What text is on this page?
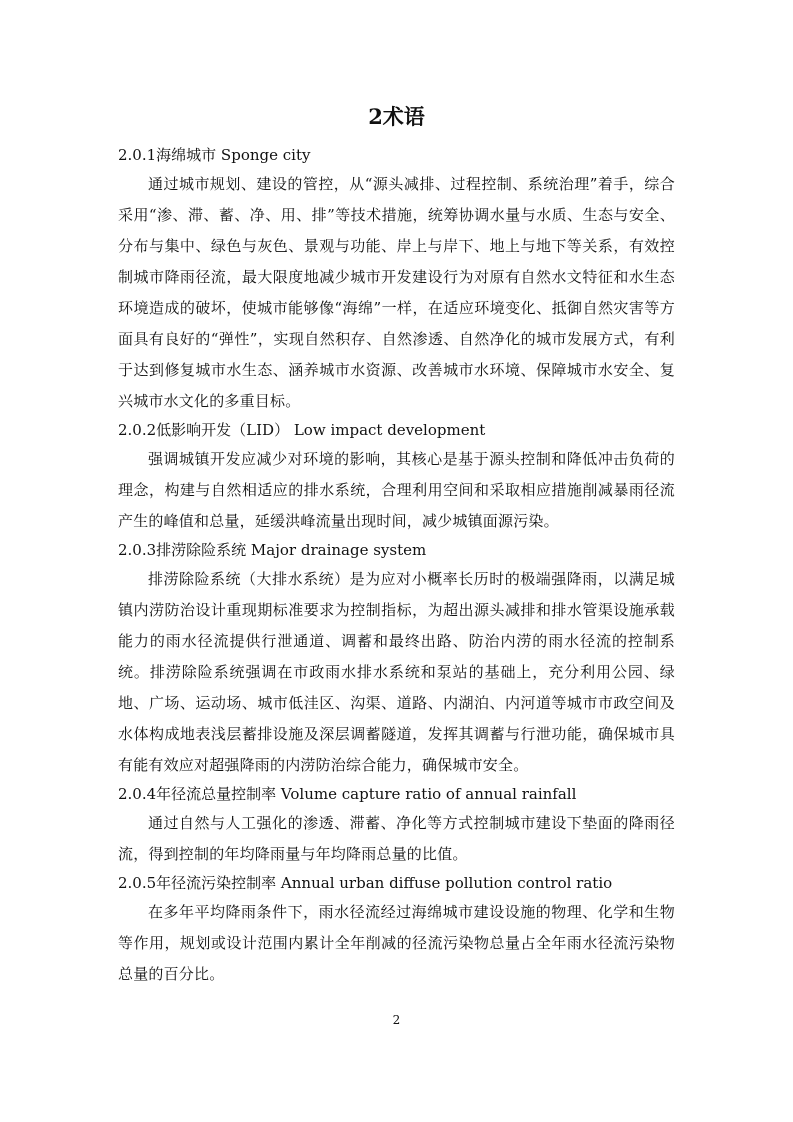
2术语

2.0.1海绵城市 Sponge city

通过城市规划、建设的管控，从“源头减排、过程控制、系统治理”着手，综合采用“渗、滞、蓄、净、用、排”等技术措施，统筹协调水量与水质、生态与安全、分布与集中、绿色与灰色、景观与功能、岸上与岸下、地上与地下等关系，有效控制城市降雨径流，最大限度地减少城市开发建设行为对原有自然水文特征和水生态环境造成的破坏，使城市能够像“海绵”一样，在适应环境变化、抵御自然灾害等方面具有良好的“弹性”，实现自然积存、自然渗透、自然净化的城市发展方式，有利于达到修复城市水生态、涵养城市水资源、改善城市水环境、保障城市水安全、复兴城市水文化的多重目标。

2.0.2低影响开发（LID） Low impact development

强调城镇开发应减少对环境的影响，其核心是基于源头控制和降低冲击负荷的理念，构建与自然相适应的排水系统，合理利用空间和采取相应措施削减暴雨径流产生的峰值和总量，延缓洪峰流量出现时间，减少城镇面源污染。

2.0.3排涝除险系统 Major drainage system

排涝除险系统（大排水系统）是为应对小概率长历时的极端强降雨，以满足城镇内涝防治设计重现期标准要求为控制指标，为超出源头减排和排水管渠设施承载能力的雨水径流提供行泄通道、调蓄和最终出路、防治内涝的雨水径流的控制系统。排涝除险系统强调在市政雨水排水系统和泵站的基础上，充分利用公园、绿地、广场、运动场、城市低洼区、沟渠、道路、内湖泊、内河道等城市市政空间及水体构成地表浅层蓄排设施及深层调蓄隧道，发挥其调蓄与行泄功能，确保城市具有能有效应对超强降雨的内涝防治综合能力，确保城市安全。

2.0.4年径流总量控制率 Volume capture ratio of annual rainfall

通过自然与人工强化的渗透、滞蓄、净化等方式控制城市建设下垫面的降雨径流，得到控制的年均降雨量与年均降雨总量的比值。

2.0.5年径流污染控制率 Annual urban diffuse pollution control ratio

在多年平均降雨条件下，雨水径流经过海绵城市建设设施的物理、化学和生物等作用，规划或设计范围内累计全年削减的径流污染物总量占全年雨水径流污染物总量的百分比。

2
